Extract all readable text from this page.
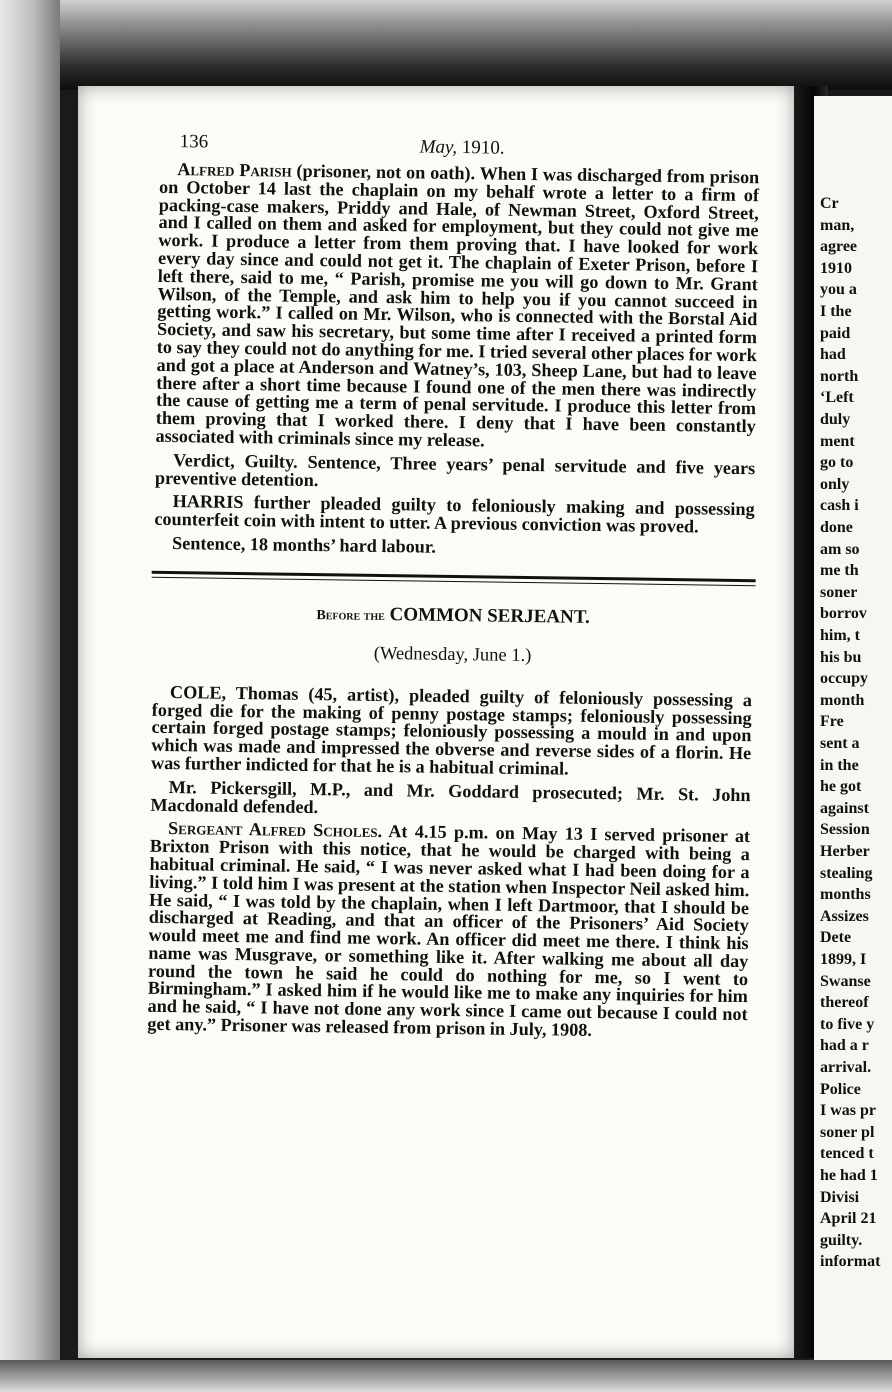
Cr
man,
agree
1910
you a
I the
paid
had
north
‘Left
duly
ment
go to
only
cash i
done
am so
me th
soner
borrov
him, t
his bu
occupy
month
Fre
sent a
in the
he got
against
Session
Herber
stealing
months
Assizes
Dete
1899, I
Swanse
thereof
to five y
had a r
arrival.
Police
I was pr
soner pl
tenced t
he had 1
Divisi
April 21
guilty.
informat
136	May, 1910.

Alfred Parish (prisoner, not on oath). When I was discharged from prison on October 14 last the chaplain on my behalf wrote a letter to a firm of packing-case makers, Priddy and Hale, of Newman Street, Oxford Street, and I called on them and asked for employment, but they could not give me work. I produce a letter from them proving that. I have looked for work every day since and could not get it. The chaplain of Exeter Prison, before I left there, said to me, “ Parish, promise me you will go down to Mr. Grant Wilson, of the Temple, and ask him to help you if you cannot succeed in getting work.” I called on Mr. Wilson, who is connected with the Borstal Aid Society, and saw his secretary, but some time after I received a printed form to say they could not do anything for me. I tried several other places for work and got a place at Anderson and Watney’s, 103, Sheep Lane, but had to leave there after a short time because I found one of the men there was indirectly the cause of getting me a term of penal servitude. I produce this letter from them proving that I worked there. I deny that I have been constantly associated with criminals since my release.

Verdict, Guilty. Sentence, Three years’ penal servitude and five years preventive detention.

HARRIS further pleaded guilty to feloniously making and possessing counterfeit coin with intent to utter. A previous conviction was proved.

Sentence, 18 months’ hard labour.

Before the COMMON SERJEANT.

(Wednesday, June 1.)

COLE, Thomas (45, artist), pleaded guilty of feloniously possessing a forged die for the making of penny postage stamps; feloniously possessing certain forged postage stamps; feloniously possessing a mould in and upon which was made and impressed the obverse and reverse sides of a florin. He was further indicted for that he is a habitual criminal.

Mr. Pickersgill, M.P., and Mr. Goddard prosecuted; Mr. St. John Macdonald defended.

Sergeant Alfred Scholes. At 4.15 p.m. on May 13 I served prisoner at Brixton Prison with this notice, that he would be charged with being a habitual criminal. He said, “ I was never asked what I had been doing for a living.” I told him I was present at the station when Inspector Neil asked him. He said, “ I was told by the chaplain, when I left Dartmoor, that I should be discharged at Reading, and that an officer of the Prisoners’ Aid Society would meet me and find me work. An officer did meet me there. I think his name was Musgrave, or something like it. After walking me about all day round the town he said he could do nothing for me, so I went to Birmingham.” I asked him if he would like me to make any inquiries for him and he said, “ I have not done any work since I came out because I could not get any.” Prisoner was released from prison in July, 1908.
